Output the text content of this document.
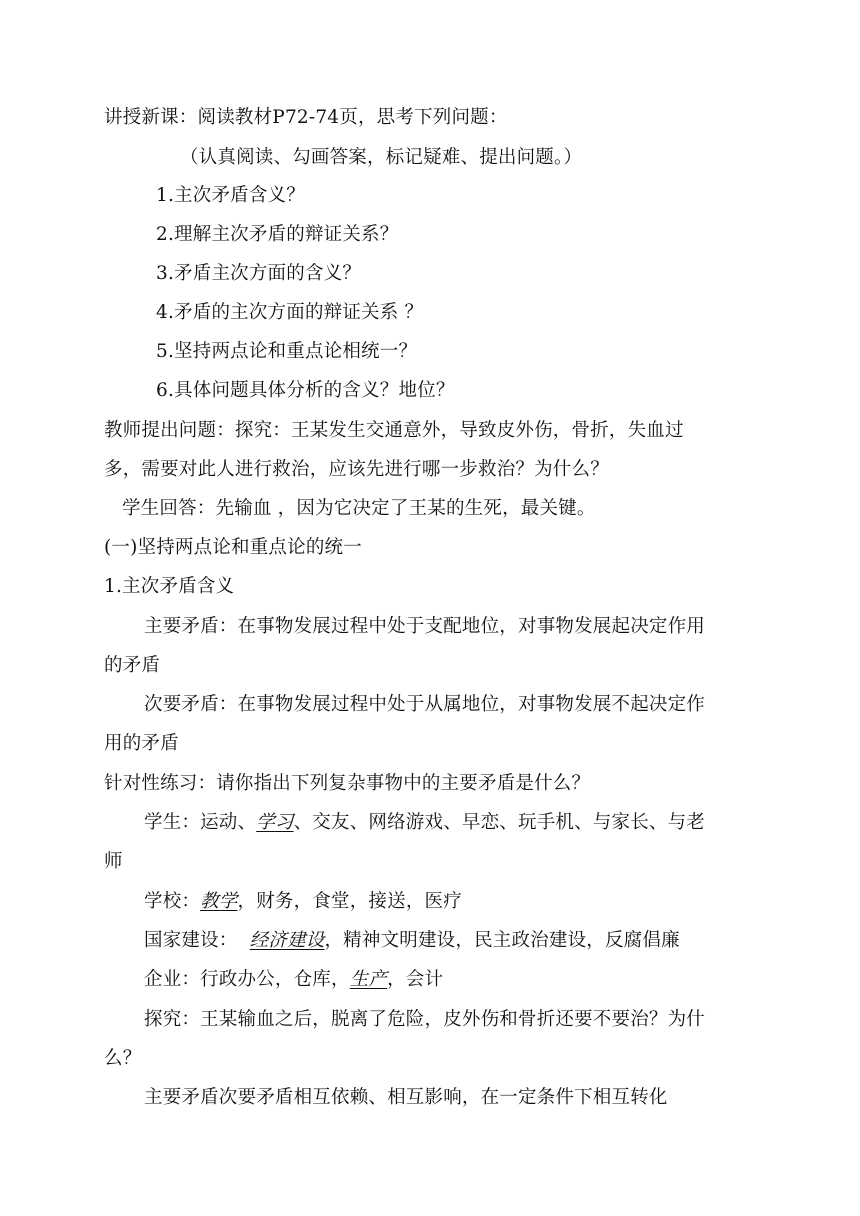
讲授新课：阅读教材P72-74页，思考下列问题：
（认真阅读、勾画答案，标记疑难、提出问题。）
1.主次矛盾含义？
2.理解主次矛盾的辩证关系？
3.矛盾主次方面的含义？
4.矛盾的主次方面的辩证关系 ？
5.坚持两点论和重点论相统一？
6.具体问题具体分析的含义？地位？
教师提出问题：探究：王某发生交通意外，导致皮外伤，骨折，失血过
多，需要对此人进行救治，应该先进行哪一步救治？为什么？
学生回答：先输血 ，因为它决定了王某的生死，最关键。
(一)坚持两点论和重点论的统一
1.主次矛盾含义
主要矛盾：在事物发展过程中处于支配地位，对事物发展起决定作用
的矛盾
次要矛盾：在事物发展过程中处于从属地位，对事物发展不起决定作
用的矛盾
针对性练习：请你指出下列复杂事物中的主要矛盾是什么？
学生：运动、学习、交友、网络游戏、早恋、玩手机、与家长、与老
师
学校：教学，财务，食堂，接送，医疗
国家建设：  经济建设，精神文明建设，民主政治建设，反腐倡廉
企业：行政办公，仓库，生产，会计
探究：王某输血之后，脱离了危险，皮外伤和骨折还要不要治？为什
么？
主要矛盾次要矛盾相互依赖、相互影响，在一定条件下相互转化
